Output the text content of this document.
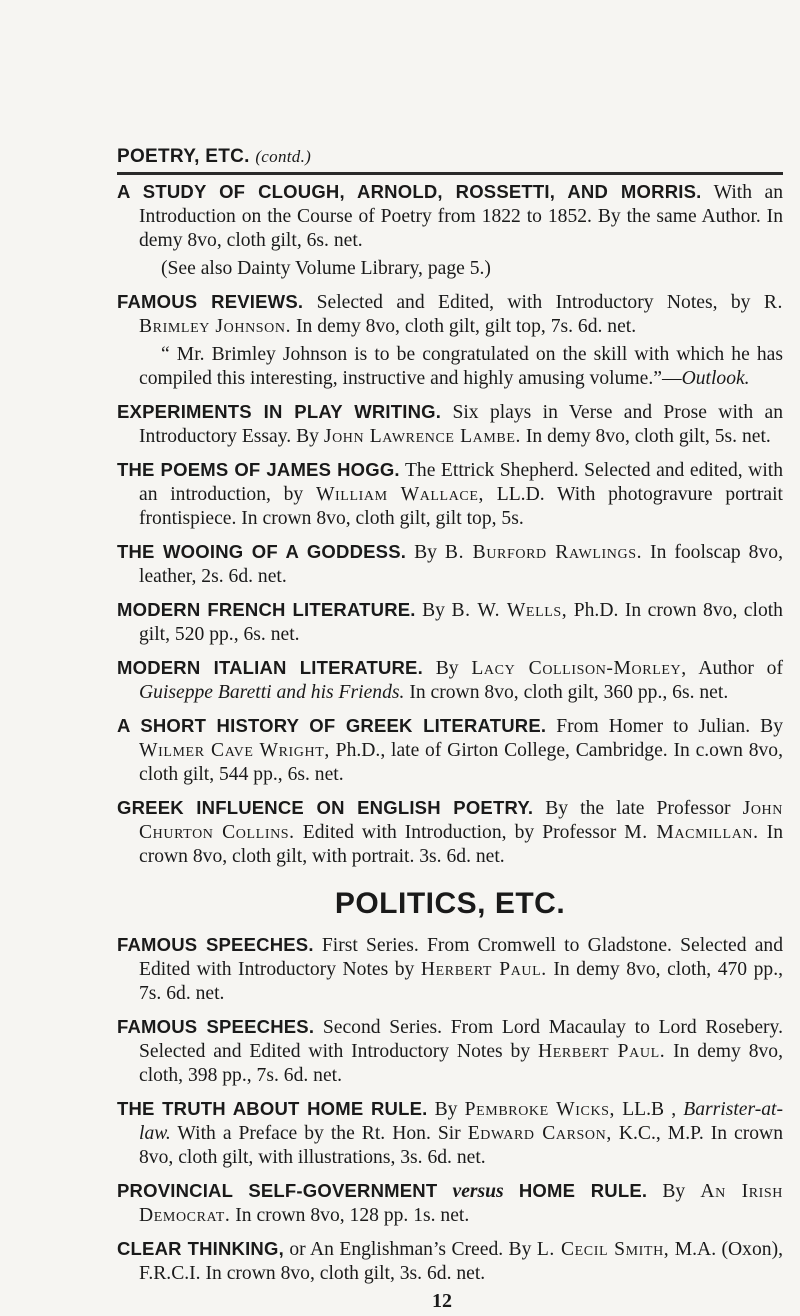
POETRY, ETC. (contd.)

A STUDY OF CLOUGH, ARNOLD, ROSSETTI, AND MORRIS. With an Introduction on the Course of Poetry from 1822 to 1852. By the same Author. In demy 8vo, cloth gilt, 6s. net.

(See also Dainty Volume Library, page 5.)

FAMOUS REVIEWS. Selected and Edited, with Introductory Notes, by R. Brimley Johnson. In demy 8vo, cloth gilt, gilt top, 7s. 6d. net.

“ Mr. Brimley Johnson is to be congratulated on the skill with which he has compiled this interesting, instructive and highly amusing volume.”—Outlook.

EXPERIMENTS IN PLAY WRITING. Six plays in Verse and Prose with an Introductory Essay. By John Lawrence Lambe. In demy 8vo, cloth gilt, 5s. net.

THE POEMS OF JAMES HOGG. The Ettrick Shepherd. Selected and edited, with an introduction, by William Wallace, LL.D. With photogravure portrait frontispiece. In crown 8vo, cloth gilt, gilt top, 5s.

THE WOOING OF A GODDESS. By B. Burford Rawlings. In foolscap 8vo, leather, 2s. 6d. net.

MODERN FRENCH LITERATURE. By B. W. Wells, Ph.D. In crown 8vo, cloth gilt, 520 pp., 6s. net.

MODERN ITALIAN LITERATURE. By Lacy Collison-Morley, Author of Guiseppe Baretti and his Friends. In crown 8vo, cloth gilt, 360 pp., 6s. net.

A SHORT HISTORY OF GREEK LITERATURE. From Homer to Julian. By Wilmer Cave Wright, Ph.D., late of Girton College, Cambridge. In c.own 8vo, cloth gilt, 544 pp., 6s. net.

GREEK INFLUENCE ON ENGLISH POETRY. By the late Professor John Churton Collins. Edited with Introduction, by Professor M. Macmillan. In crown 8vo, cloth gilt, with portrait. 3s. 6d. net.

POLITICS, ETC.

FAMOUS SPEECHES. First Series. From Cromwell to Gladstone. Selected and Edited with Introductory Notes by Herbert Paul. In demy 8vo, cloth, 470 pp., 7s. 6d. net.

FAMOUS SPEECHES. Second Series. From Lord Macaulay to Lord Rosebery. Selected and Edited with Introductory Notes by Herbert Paul. In demy 8vo, cloth, 398 pp., 7s. 6d. net.

THE TRUTH ABOUT HOME RULE. By Pembroke Wicks, LL.B , Barrister-at-law. With a Preface by the Rt. Hon. Sir Edward Carson, K.C., M.P. In crown 8vo, cloth gilt, with illustrations, 3s. 6d. net.

PROVINCIAL SELF-GOVERNMENT versus HOME RULE. By An Irish Democrat. In crown 8vo, 128 pp. 1s. net.

CLEAR THINKING, or An Englishman’s Creed. By L. Cecil Smith, M.A. (Oxon), F.R.C.I. In crown 8vo, cloth gilt, 3s. 6d. net.

12
